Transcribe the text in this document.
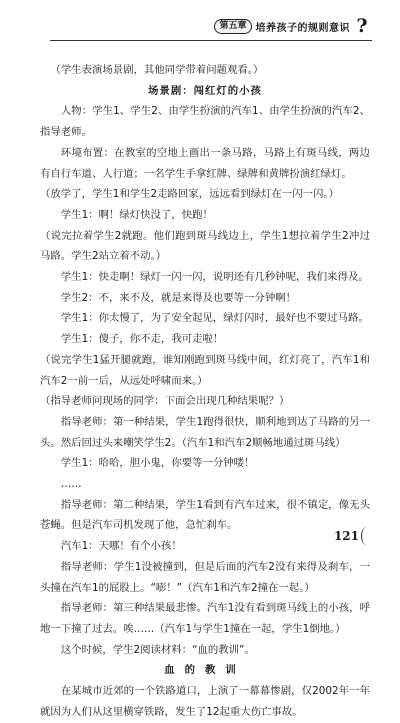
第五章 培养孩子的规则意识 ?

（学生表演场景剧，其他同学带着问题观看。）

场景剧：闯红灯的小孩

人物：学生1、学生2、由学生扮演的汽车1、由学生扮演的汽车2、指导老师。

环境布置：在教室的空地上画出一条马路，马路上有斑马线，两边有自行车道、人行道；一名学生手拿红牌、绿牌和黄牌扮演红绿灯。

（放学了，学生1和学生2走路回家，远远看到绿灯在一闪一闪。）

学生1：啊！绿灯快没了，快跑！

（说完拉着学生2就跑。他们跑到斑马线边上，学生1想拉着学生2冲过马路。学生2站立着不动。）

学生1：快走啊！绿灯一闪一闪，说明还有几秒钟呢，我们来得及。

学生2：不，来不及，就是来得及也要等一分钟啊！

学生1：你太慢了，为了安全起见，绿灯闪时，最好也不要过马路。

学生1：傻子，你不走，我可走啦！

（说完学生1猛开腿就跑，谁知刚跑到斑马线中间，红灯亮了，汽车1和汽车2一前一后，从远处呼啸而来。）

（指导老师问现场的同学：下面会出现几种结果呢？）

指导老师：第一种结果，学生1跑得很快，顺利地到达了马路的另一头。然后回过头来嘲笑学生2。（汽车1和汽车2顺畅地通过斑马线）

学生1：哈哈，胆小鬼，你要等一分钟喽！

……

指导老师：第二种结果，学生1看到有汽车过来，很不镇定，像无头苍蝇。但是汽车司机发现了他，急忙刹车。

汽车1：天哪！有个小孩！

指导老师：学生1没被撞到，但是后面的汽车2没有来得及刹车，一头撞在汽车1的屁股上。“嘭！”（汽车1和汽车2撞在一起。）

指导老师：第三种结果最悲惨。汽车1没有看到斑马线上的小孩，呼地一下撞了过去。唉……（汽车1与学生1撞在一起，学生1倒地。）

这个时候，学生2阅读材料：“血的教训”。

血的教训

在某城市近郊的一个铁路道口，上演了一幕幕惨剧，仅2002年一年就因为人们从这里横穿铁路，发生了12起重大伤亡事故。

121
